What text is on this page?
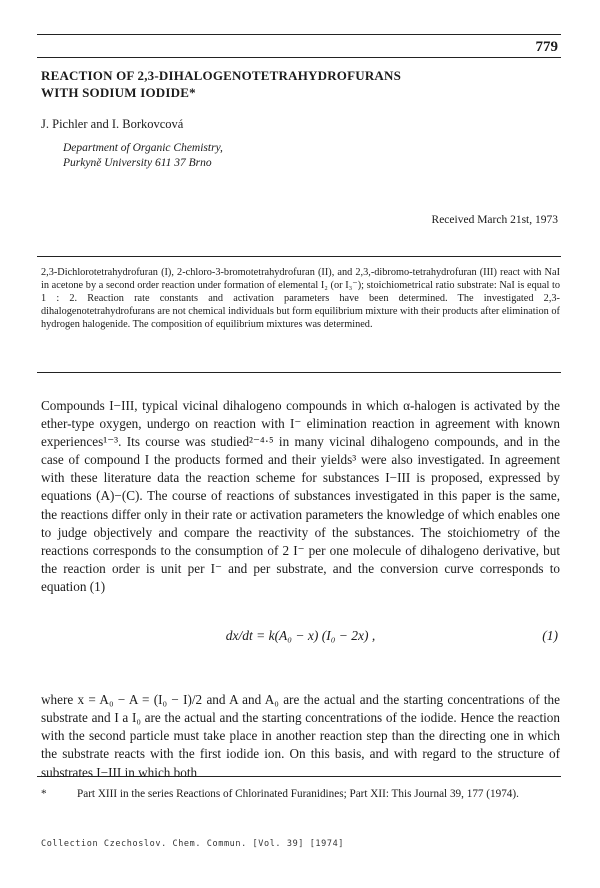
779
REACTION OF 2,3-DIHALOGENOTETRAHYDROFURANS
WITH SODIUM IODIDE*
J. Pichler and I. Borkovcová
Department of Organic Chemistry,
Purkyně University 611 37 Brno
Received March 21st, 1973
2,3-Dichlorotetrahydrofuran (I), 2-chloro-3-bromotetrahydrofuran (II), and 2,3,-dibromo-tetrahydrofuran (III) react with NaI in acetone by a second order reaction under formation of elemental I₂ (or I₃⁻); stoichiometrical ratio substrate: NaI is equal to 1 : 2. Reaction rate constants and activation parameters have been determined. The investigated 2,3-dihalogenotetrahydrofurans are not chemical individuals but form equilibrium mixture with their products after elimination of hydrogen halogenide. The composition of equilibrium mixtures was determined.

Compounds I−III, typical vicinal dihalogeno compounds in which α-halogen is activated by the ether-type oxygen, undergo on reaction with I⁻ elimination reaction in agreement with known experiences¹⁻³. Its course was studied²⁻⁴·⁵ in many vicinal dihalogeno compounds, and in the case of compound I the products formed and their yields³ were also investigated. In agreement with these literature data the reaction scheme for substances I−III is proposed, expressed by equations (A)−(C). The course of reactions of substances investigated in this paper is the same, the reactions differ only in their rate or activation parameters the knowledge of which enables one to judge objectively and compare the reactivity of the substances. The stoichiometry of the reactions corresponds to the consumption of 2 I⁻ per one molecule of dihalogeno derivative, but the reaction order is unit per I⁻ and per substrate, and the conversion curve corresponds to equation (1)

dx/dt = k(A₀ − x) (I₀ − 2x) ,	(1)

where x = A₀ − A = (I₀ − I)/2 and A and A₀ are the actual and the starting concentrations of the substrate and I a I₀ are the actual and the starting concentrations of the iodide. Hence the reaction with the second particle must take place in another reaction step than the directing one in which the substrate reacts with the first iodide ion. On this basis, and with regard to the structure of substrates I−III in which both

*	Part XIII in the series Reactions of Chlorinated Furanidines; Part XII: This Journal 39, 177 (1974).
Collection Czechoslov. Chem. Commun. [Vol. 39] [1974]
